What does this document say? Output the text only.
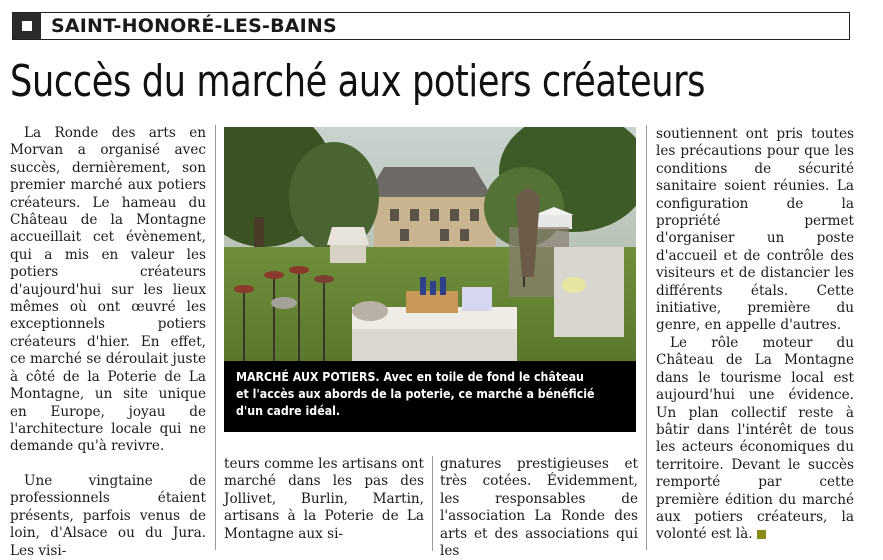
SAINT-HONORÉ-LES-BAINS
Succès du marché aux potiers créateurs

La Ronde des arts en Morvan a organisé avec succès, dernièrement, son premier marché aux potiers créateurs. Le hameau du Château de la Montagne accueillait cet évènement, qui a mis en valeur les potiers créateurs d'aujourd'hui sur les lieux mêmes où ont œuvré les exceptionnels potiers créateurs d'hier. En effet, ce marché se déroulait juste à côté de la Poterie de La Montagne, un site unique en Europe, joyau de l'architecture locale qui ne demande qu'à revivre.

Une vingtaine de professionnels étaient présents, parfois venus de loin, d'Alsace ou du Jura. Les visi-

MARCHÉ AUX POTIERS. Avec en toile de fond le château et l'accès aux abords de la poterie, ce marché a bénéficié d'un cadre idéal.

teurs comme les artisans ont marché dans les pas des Jollivet, Burlin, Martin, artisans à la Poterie de La Montagne aux si-

gnatures prestigieuses et très cotées. Évidemment, les responsables de l'association La Ronde des arts et des associations qui les

soutiennent ont pris toutes les précautions pour que les conditions de sécurité sanitaire soient réunies. La configuration de la propriété permet d'organiser un poste d'accueil et de contrôle des visiteurs et de distancier les différents étals. Cette initiative, première du genre, en appelle d'autres.

Le rôle moteur du Château de La Montagne dans le tourisme local est aujourd'hui une évidence. Un plan collectif reste à bâtir dans l'intérêt de tous les acteurs économiques du territoire. Devant le succès remporté par cette première édition du marché aux potiers créateurs, la volonté est là.
